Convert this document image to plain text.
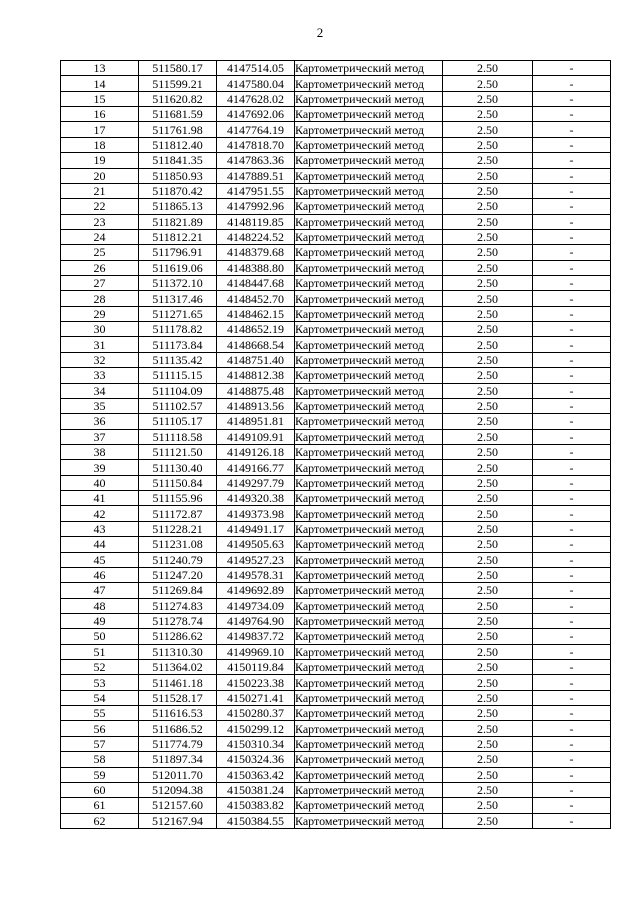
2
13	511580.17	4147514.05	Картометрический метод	2.50	-
14	511599.21	4147580.04	Картометрический метод	2.50	-
15	511620.82	4147628.02	Картометрический метод	2.50	-
16	511681.59	4147692.06	Картометрический метод	2.50	-
17	511761.98	4147764.19	Картометрический метод	2.50	-
18	511812.40	4147818.70	Картометрический метод	2.50	-
19	511841.35	4147863.36	Картометрический метод	2.50	-
20	511850.93	4147889.51	Картометрический метод	2.50	-
21	511870.42	4147951.55	Картометрический метод	2.50	-
22	511865.13	4147992.96	Картометрический метод	2.50	-
23	511821.89	4148119.85	Картометрический метод	2.50	-
24	511812.21	4148224.52	Картометрический метод	2.50	-
25	511796.91	4148379.68	Картометрический метод	2.50	-
26	511619.06	4148388.80	Картометрический метод	2.50	-
27	511372.10	4148447.68	Картометрический метод	2.50	-
28	511317.46	4148452.70	Картометрический метод	2.50	-
29	511271.65	4148462.15	Картометрический метод	2.50	-
30	511178.82	4148652.19	Картометрический метод	2.50	-
31	511173.84	4148668.54	Картометрический метод	2.50	-
32	511135.42	4148751.40	Картометрический метод	2.50	-
33	511115.15	4148812.38	Картометрический метод	2.50	-
34	511104.09	4148875.48	Картометрический метод	2.50	-
35	511102.57	4148913.56	Картометрический метод	2.50	-
36	511105.17	4148951.81	Картометрический метод	2.50	-
37	511118.58	4149109.91	Картометрический метод	2.50	-
38	511121.50	4149126.18	Картометрический метод	2.50	-
39	511130.40	4149166.77	Картометрический метод	2.50	-
40	511150.84	4149297.79	Картометрический метод	2.50	-
41	511155.96	4149320.38	Картометрический метод	2.50	-
42	511172.87	4149373.98	Картометрический метод	2.50	-
43	511228.21	4149491.17	Картометрический метод	2.50	-
44	511231.08	4149505.63	Картометрический метод	2.50	-
45	511240.79	4149527.23	Картометрический метод	2.50	-
46	511247.20	4149578.31	Картометрический метод	2.50	-
47	511269.84	4149692.89	Картометрический метод	2.50	-
48	511274.83	4149734.09	Картометрический метод	2.50	-
49	511278.74	4149764.90	Картометрический метод	2.50	-
50	511286.62	4149837.72	Картометрический метод	2.50	-
51	511310.30	4149969.10	Картометрический метод	2.50	-
52	511364.02	4150119.84	Картометрический метод	2.50	-
53	511461.18	4150223.38	Картометрический метод	2.50	-
54	511528.17	4150271.41	Картометрический метод	2.50	-
55	511616.53	4150280.37	Картометрический метод	2.50	-
56	511686.52	4150299.12	Картометрический метод	2.50	-
57	511774.79	4150310.34	Картометрический метод	2.50	-
58	511897.34	4150324.36	Картометрический метод	2.50	-
59	512011.70	4150363.42	Картометрический метод	2.50	-
60	512094.38	4150381.24	Картометрический метод	2.50	-
61	512157.60	4150383.82	Картометрический метод	2.50	-
62	512167.94	4150384.55	Картометрический метод	2.50	-
